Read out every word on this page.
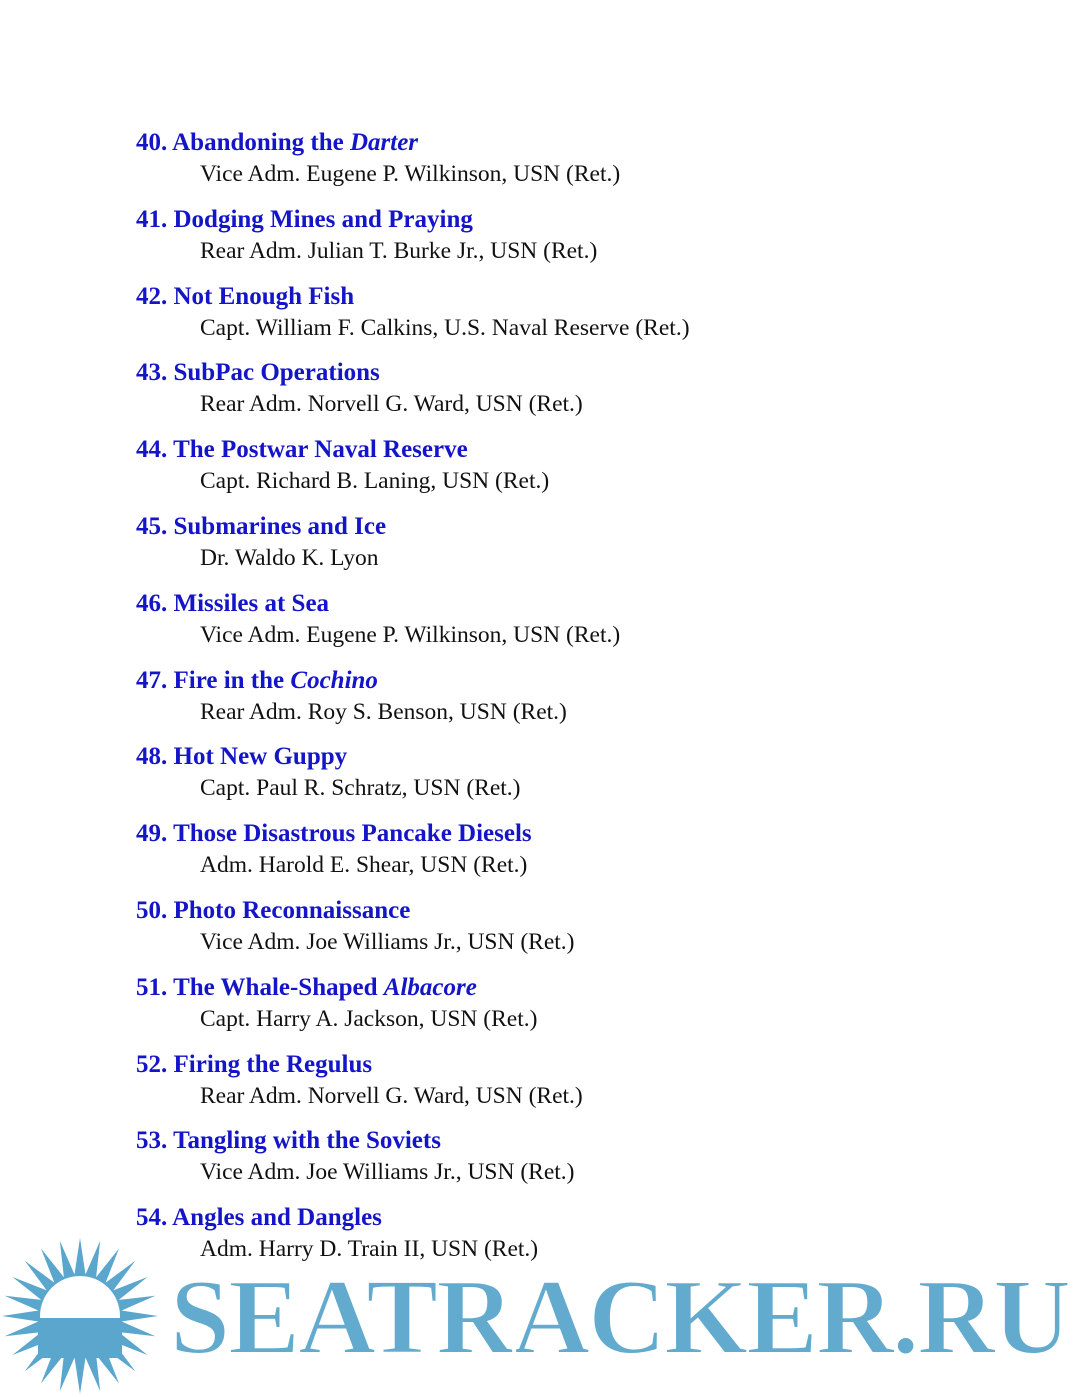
40. Abandoning the Darter
Vice Adm. Eugene P. Wilkinson, USN (Ret.)
41. Dodging Mines and Praying
Rear Adm. Julian T. Burke Jr., USN (Ret.)
42. Not Enough Fish
Capt. William F. Calkins, U.S. Naval Reserve (Ret.)
43. SubPac Operations
Rear Adm. Norvell G. Ward, USN (Ret.)
44. The Postwar Naval Reserve
Capt. Richard B. Laning, USN (Ret.)
45. Submarines and Ice
Dr. Waldo K. Lyon
46. Missiles at Sea
Vice Adm. Eugene P. Wilkinson, USN (Ret.)
47. Fire in the Cochino
Rear Adm. Roy S. Benson, USN (Ret.)
48. Hot New Guppy
Capt. Paul R. Schratz, USN (Ret.)
49. Those Disastrous Pancake Diesels
Adm. Harold E. Shear, USN (Ret.)
50. Photo Reconnaissance
Vice Adm. Joe Williams Jr., USN (Ret.)
51. The Whale-Shaped Albacore
Capt. Harry A. Jackson, USN (Ret.)
52. Firing the Regulus
Rear Adm. Norvell G. Ward, USN (Ret.)
53. Tangling with the Soviets
Vice Adm. Joe Williams Jr., USN (Ret.)
54. Angles and Dangles
Adm. Harry D. Train II, USN (Ret.)
SEATRACKER.RU
